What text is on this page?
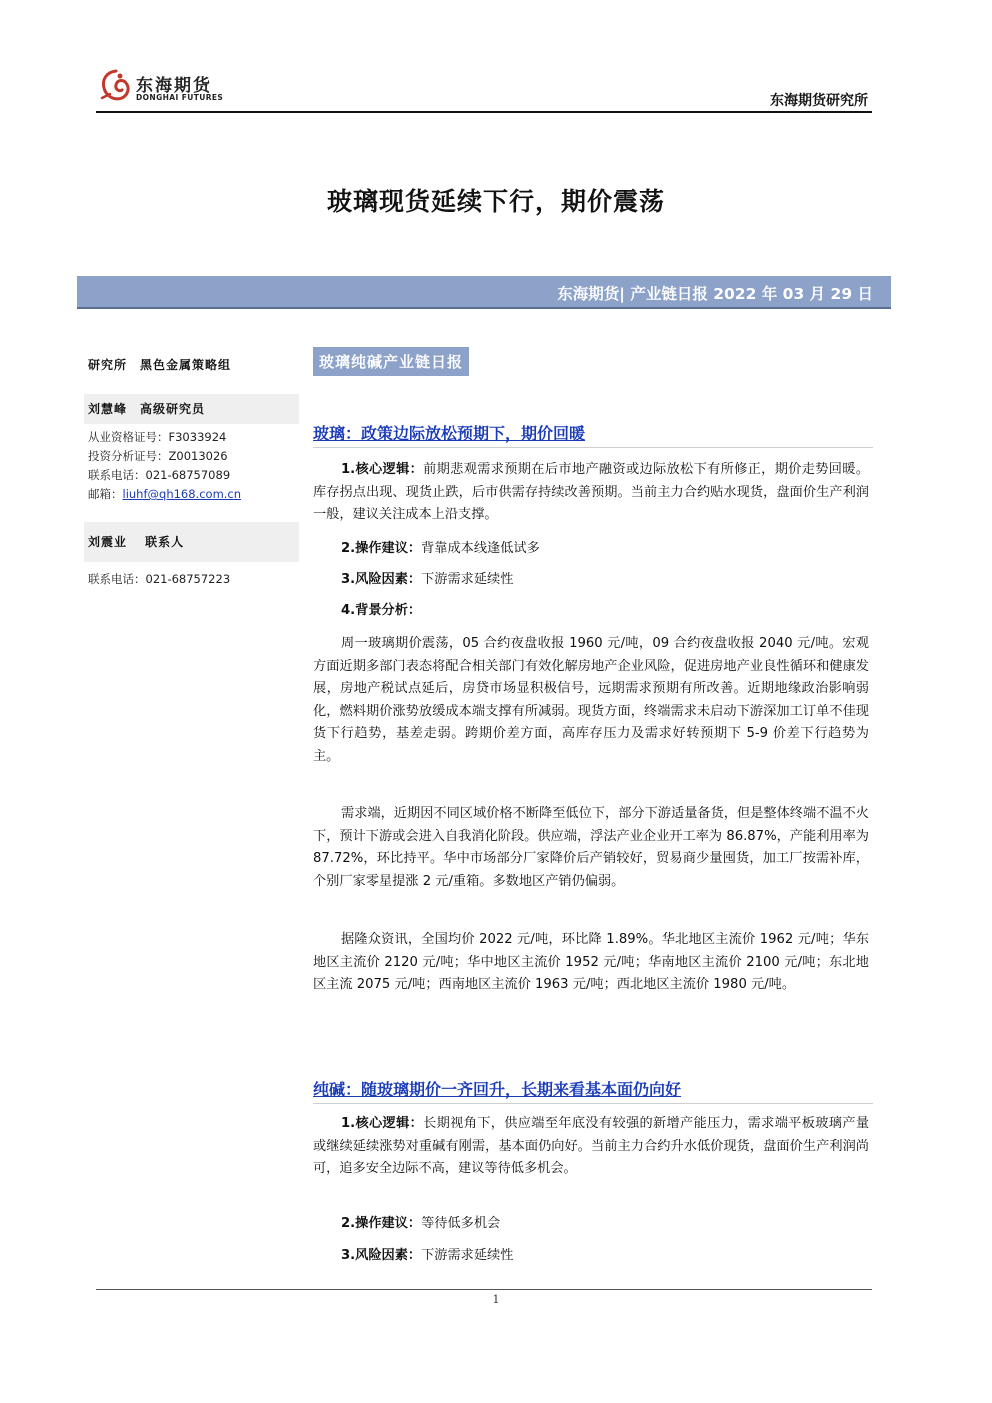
东海期货
DONGHAI FUTURES	东海期货研究所
玻璃现货延续下行，期价震荡
东海期货| 产业链日报 2022 年 03 月 29 日
研究所　黑色金属策略组
刘慧峰　高级研究员
从业资格证号：F3033924
投资分析证号：Z0013026
联系电话：021-68757089
邮箱：liuhf@qh168.com.cn
刘震业　 联系人
联系电话：021-68757223
玻璃纯碱产业链日报
玻璃：政策边际放松预期下，期价回暖
1.核心逻辑：前期悲观需求预期在后市地产融资或边际放松下有所修正，期价走势回暖。库存拐点出现、现货止跌，后市供需存持续改善预期。当前主力合约贴水现货，盘面价生产利润一般，建议关注成本上沿支撑。
2.操作建议：背靠成本线逢低试多
3.风险因素：下游需求延续性
4.背景分析：
周一玻璃期价震荡，05 合约夜盘收报 1960 元/吨，09 合约夜盘收报 2040 元/吨。宏观方面近期多部门表态将配合相关部门有效化解房地产企业风险，促进房地产业良性循环和健康发展，房地产税试点延后，房贷市场显积极信号，远期需求预期有所改善。近期地缘政治影响弱化，燃料期价涨势放缓成本端支撑有所减弱。现货方面，终端需求未启动下游深加工订单不佳现货下行趋势，基差走弱。跨期价差方面，高库存压力及需求好转预期下 5-9 价差下行趋势为主。
需求端，近期因不同区域价格不断降至低位下，部分下游适量备货，但是整体终端不温不火下，预计下游或会进入自我消化阶段。供应端，浮法产业企业开工率为 86.87%，产能利用率为 87.72%，环比持平。华中市场部分厂家降价后产销较好，贸易商少量囤货，加工厂按需补库，个别厂家零星提涨 2 元/重箱。多数地区产销仍偏弱。
据隆众资讯，全国均价 2022 元/吨，环比降 1.89%。华北地区主流价 1962 元/吨；华东地区主流价 2120 元/吨；华中地区主流价 1952 元/吨；华南地区主流价 2100 元/吨；东北地区主流 2075 元/吨；西南地区主流价 1963 元/吨；西北地区主流价 1980 元/吨。
纯碱：随玻璃期价一齐回升，长期来看基本面仍向好
1.核心逻辑：长期视角下，供应端至年底没有较强的新增产能压力，需求端平板玻璃产量或继续延续涨势对重碱有刚需，基本面仍向好。当前主力合约升水低价现货，盘面价生产利润尚可，追多安全边际不高，建议等待低多机会。
2.操作建议：等待低多机会
3.风险因素：下游需求延续性
1
